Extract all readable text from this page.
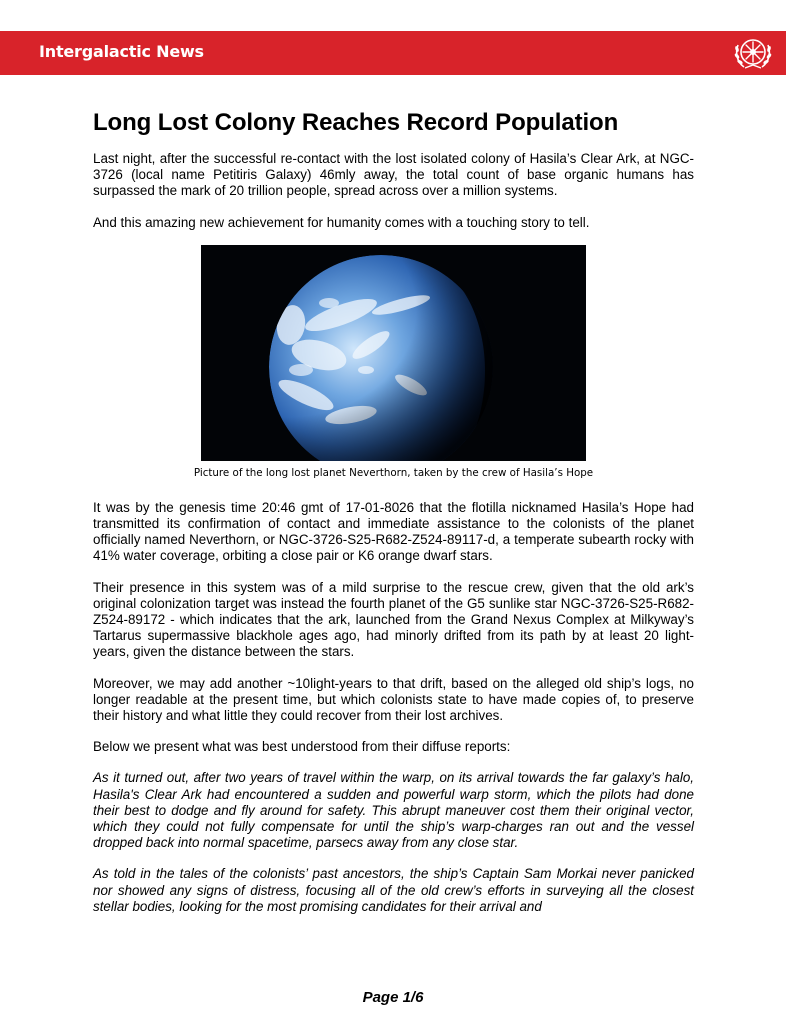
Intergalactic News
Long Lost Colony Reaches Record Population

Last night, after the successful re-contact with the lost isolated colony of Hasila’s Clear Ark, at NGC-3726 (local name Petitiris Galaxy) 46mly away, the total count of base organic humans has surpassed the mark of 20 trillion people, spread across over a million systems.

And this amazing new achievement for humanity comes with a touching story to tell.

Picture of the long lost planet Neverthorn, taken by the crew of Hasila’s Hope

It was by the genesis time 20:46 gmt of 17-01-8026 that the flotilla nicknamed Hasila’s Hope had transmitted its confirmation of contact and immediate assistance to the colonists of the planet officially named Neverthorn, or NGC-3726-S25-R682-Z524-89117-d, a temperate subearth rocky with 41% water coverage, orbiting a close pair or K6 orange dwarf stars.

Their presence in this system was of a mild surprise to the rescue crew, given that the old ark’s original colonization target was instead the fourth planet of the G5 sunlike star NGC-3726-S25-R682-Z524-89172 - which indicates that the ark, launched from the Grand Nexus Complex at Milkyway’s Tartarus supermassive blackhole ages ago, had minorly drifted from its path by at least 20 light-years, given the distance between the stars.

Moreover, we may add another ~10light-years to that drift, based on the alleged old ship’s logs, no longer readable at the present time, but which colonists state to have made copies of, to preserve their history and what little they could recover from their lost archives.

Below we present what was best understood from their diffuse reports:

As it turned out, after two years of travel within the warp, on its arrival towards the far galaxy’s halo, Hasila's Clear Ark had encountered a sudden and powerful warp storm, which the pilots had done their best to dodge and fly around for safety. This abrupt maneuver cost them their original vector, which they could not fully compensate for until the ship’s warp-charges ran out and the vessel dropped back into normal spacetime, parsecs away from any close star.

As told in the tales of the colonists’ past ancestors, the ship’s Captain Sam Morkai never panicked nor showed any signs of distress, focusing all of the old crew’s efforts in surveying all the closest stellar bodies, looking for the most promising candidates for their arrival and

Page 1/6
